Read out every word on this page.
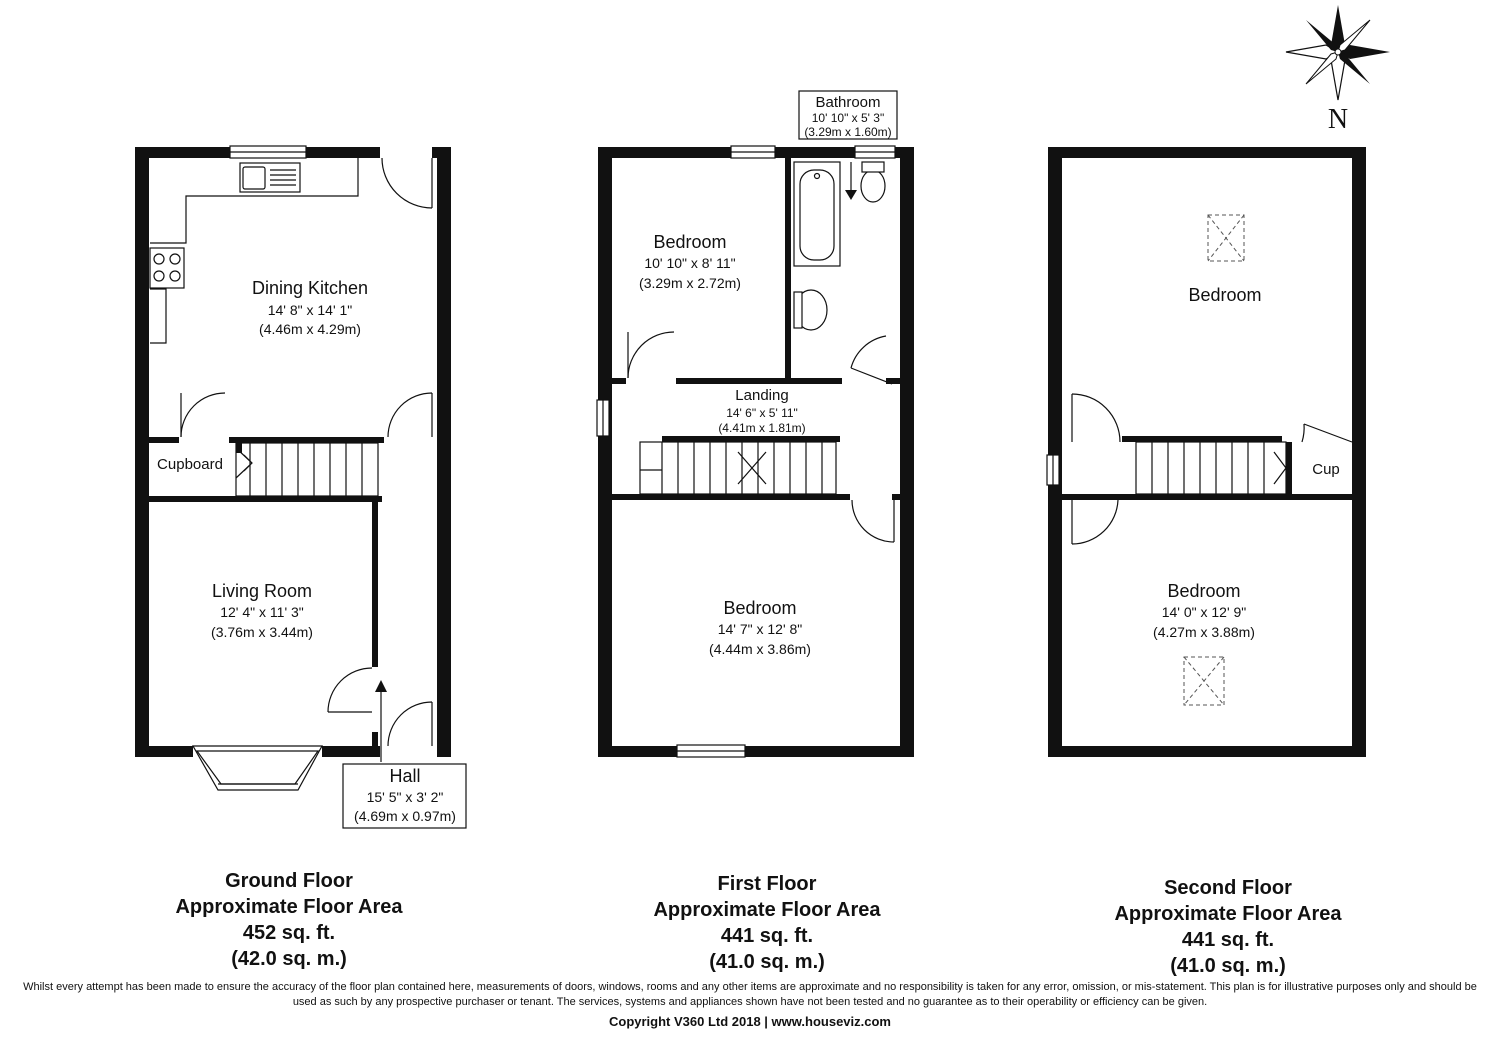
N
Dining Kitchen
14' 8" x 14' 1"
(4.46m x 4.29m)
Cupboard
Living Room
12' 4" x 11' 3"
(3.76m x 3.44m)
Hall
15' 5" x 3' 2"
(4.69m x 0.97m)
Bathroom
10' 10" x 5' 3"
(3.29m x 1.60m)
Bedroom
10' 10" x 8' 11"
(3.29m x 2.72m)
Landing
14' 6" x 5' 11"
(4.41m x 1.81m)
Bedroom
14' 7" x 12' 8"
(4.44m x 3.86m)
Bedroom
Cup
Bedroom
14' 0" x 12' 9"
(4.27m x 3.88m)
Ground Floor
Approximate Floor Area
452 sq. ft.
(42.0 sq. m.)
First Floor
Approximate Floor Area
441 sq. ft.
(41.0 sq. m.)
Second Floor
Approximate Floor Area
441 sq. ft.
(41.0 sq. m.)
Whilst every attempt has been made to ensure the accuracy of the floor plan contained here, measurements of doors, windows, rooms and any other items are approximate and no responsibility is taken for any error, omission, or mis-statement. This plan is for illustrative purposes only and should be used as such by any prospective purchaser or tenant. The services, systems and appliances shown have not been tested and no guarantee as to their operability or efficiency can be given.
Copyright V360 Ltd 2018 | www.houseviz.com
